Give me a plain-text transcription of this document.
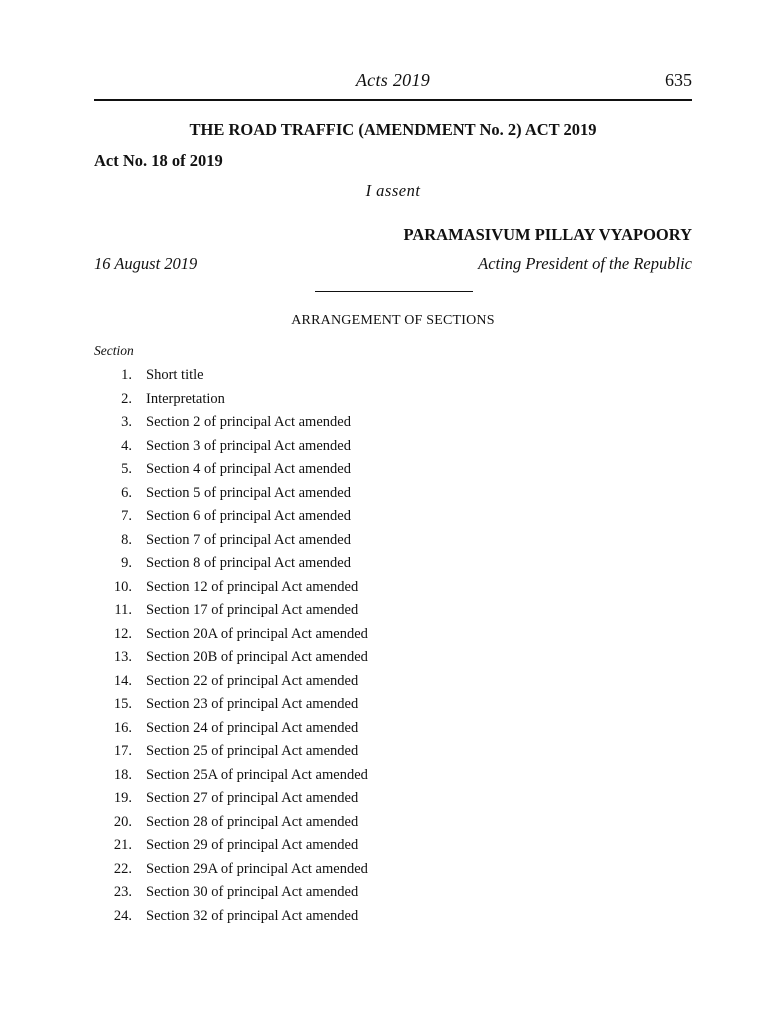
Acts 2019	635
THE ROAD TRAFFIC (AMENDMENT No. 2) ACT 2019
Act No. 18 of 2019
I assent
PARAMASIVUM PILLAY VYAPOORY
16 August 2019	Acting President of the Republic
ARRANGEMENT OF SECTIONS
Section
1. Short title
2. Interpretation
3. Section 2 of principal Act amended
4. Section 3 of principal Act amended
5. Section 4 of principal Act amended
6. Section 5 of principal Act amended
7. Section 6 of principal Act amended
8. Section 7 of principal Act amended
9. Section 8 of principal Act amended
10. Section 12 of principal Act amended
11. Section 17 of principal Act amended
12. Section 20A of principal Act amended
13. Section 20B of principal Act amended
14. Section 22 of principal Act amended
15. Section 23 of principal Act amended
16. Section 24 of principal Act amended
17. Section 25 of principal Act amended
18. Section 25A of principal Act amended
19. Section 27 of principal Act amended
20. Section 28 of principal Act amended
21. Section 29 of principal Act amended
22. Section 29A of principal Act amended
23. Section 30 of principal Act amended
24. Section 32 of principal Act amended
